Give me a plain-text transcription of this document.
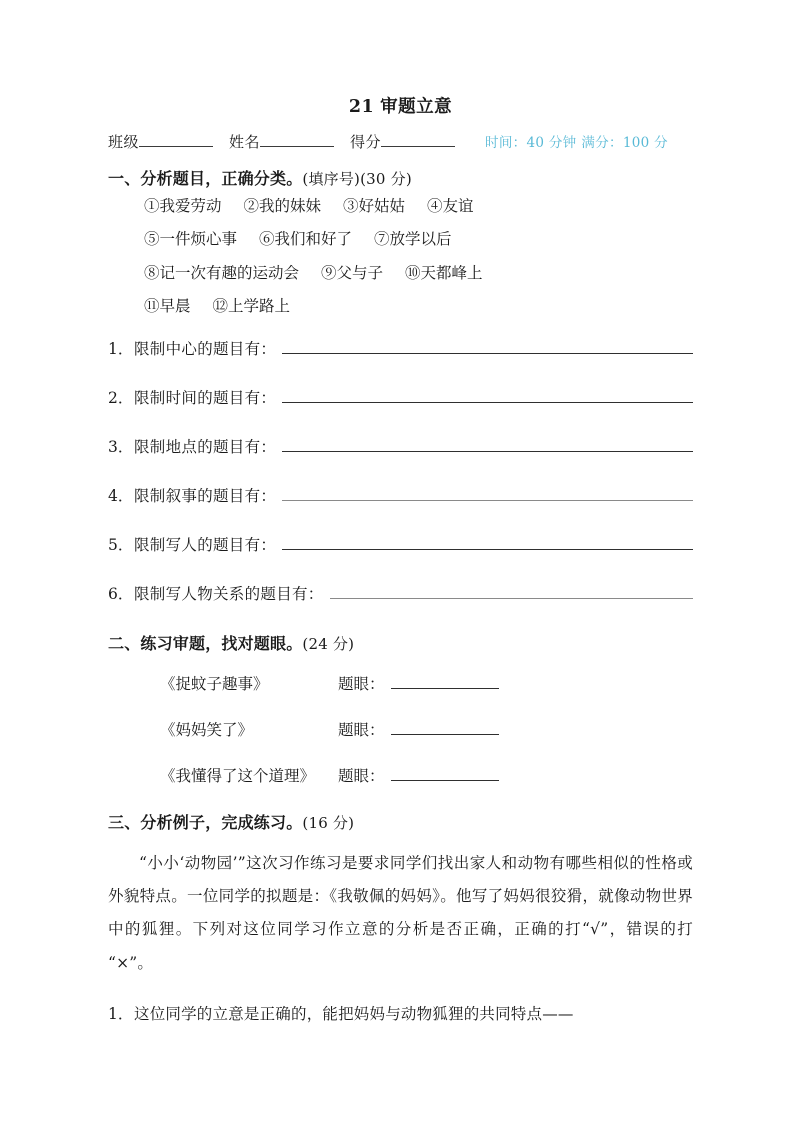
21 审题立意
班级	姓名	得分	时间：40 分钟 满分：100 分
一、分析题目，正确分类。(填序号)(30 分)
①我爱劳动 ②我的妹妹 ③好姑姑 ④友谊
⑤一件烦心事 ⑥我们和好了 ⑦放学以后
⑧记一次有趣的运动会 ⑨父与子 ⑩天都峰上
⑪早晨 ⑫上学路上
1． 限制中心的题目有：
2． 限制时间的题目有：
3． 限制地点的题目有：
4． 限制叙事的题目有：
5． 限制写人的题目有：
6． 限制写人物关系的题目有：
二、练习审题，找对题眼。(24 分)
《捉蚊子趣事》	题眼：
《妈妈笑了》	题眼：
《我懂得了这个道理》	题眼：
三、分析例子，完成练习。(16 分)
“小小‘动物园’”这次习作练习是要求同学们找出家人和动物有哪些相似的性格或外貌特点。一位同学的拟题是：《我敬佩的妈妈》。他写了妈妈很狡猾，就像动物世界中的狐狸。下列对这位同学习作立意的分析是否正确，正确的打“√”，错误的打“×”。
1． 这位同学的立意是正确的，能把妈妈与动物狐狸的共同特点——
